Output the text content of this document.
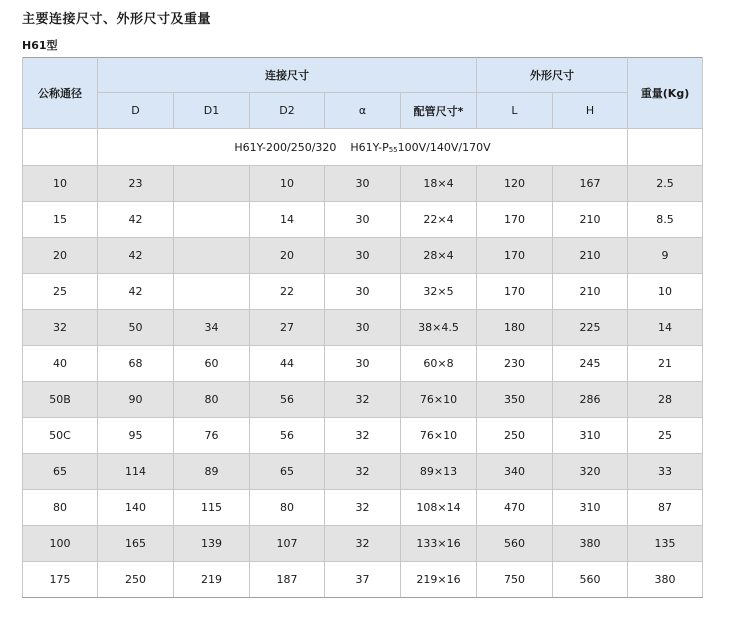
主要连接尺寸、外形尺寸及重量
H61型
公称通径	连接尺寸					外形尺寸		重量(Kg)
	D	D1	D2	α	配管尺寸*	L	H	
	H61Y-200/250/320    H61Y-P55100V/140V/170V							
10	23		10	30	18×4	120	167	2.5
15	42		14	30	22×4	170	210	8.5
20	42		20	30	28×4	170	210	9
25	42		22	30	32×5	170	210	10
32	50	34	27	30	38×4.5	180	225	14
40	68	60	44	30	60×8	230	245	21
50B	90	80	56	32	76×10	350	286	28
50C	95	76	56	32	76×10	250	310	25
65	114	89	65	32	89×13	340	320	33
80	140	115	80	32	108×14	470	310	87
100	165	139	107	32	133×16	560	380	135
175	250	219	187	37	219×16	750	560	380
